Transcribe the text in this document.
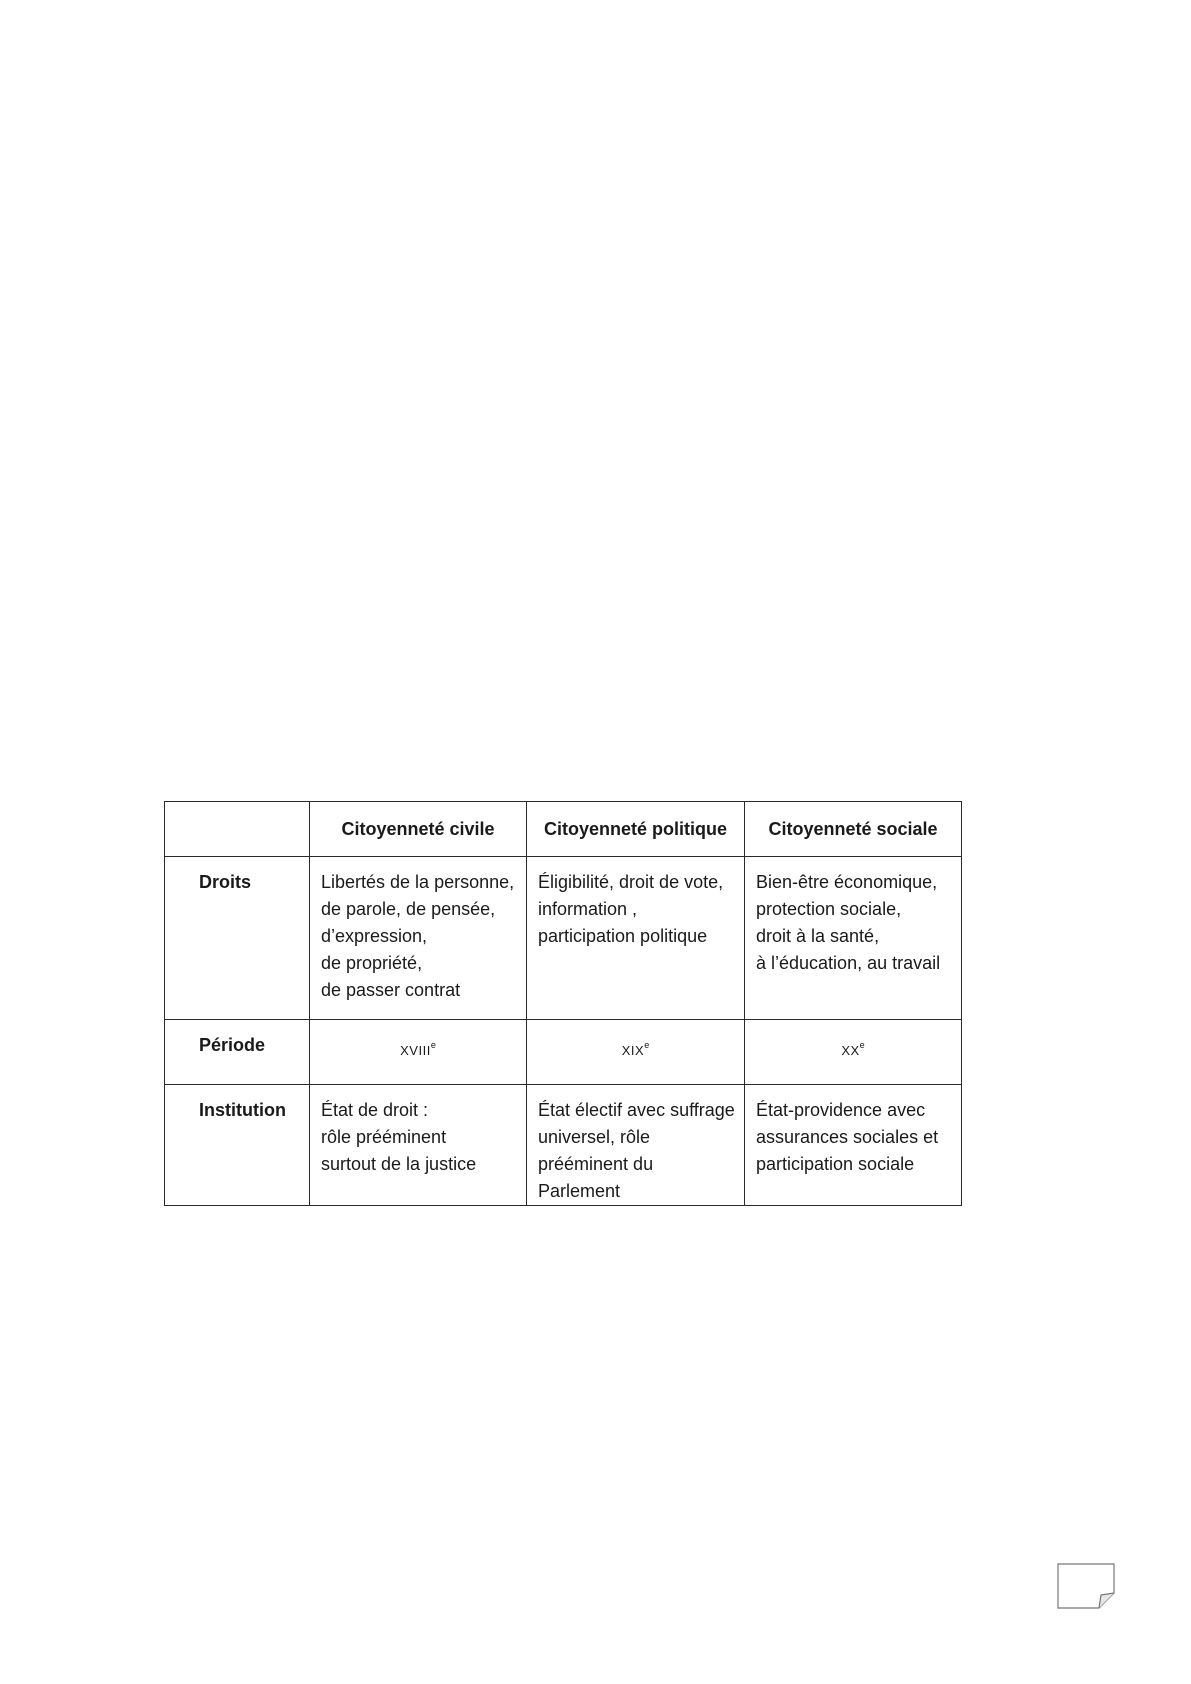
	Citoyenneté civile	Citoyenneté politique	Citoyenneté sociale
Droits	Libertés de la personne,
de parole, de pensée,
d’expression,
de propriété,
de passer contrat	Éligibilité, droit de vote,
information ,
participation politique	Bien-être économique,
protection sociale,
droit à la santé,
à l’éducation, au travail
Période	xviii$^e$	xix$^e$	$xx^e$
Institution	État de droit :
rôle prééminent
surtout de la justice	État électif avec suffrage
universel, rôle
prééminent du Parlement	État-providence avec
assurances sociales et
participation sociale
